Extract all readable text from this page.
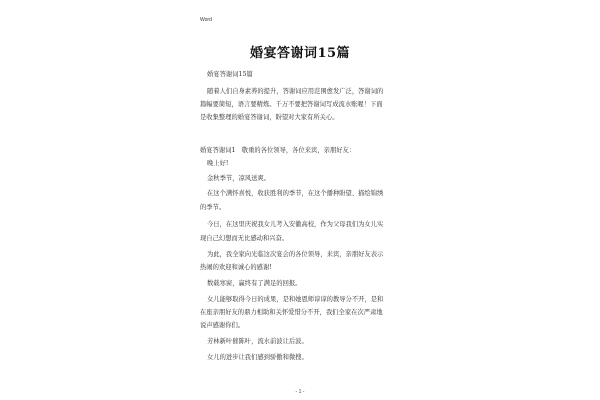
Word
婚宴答谢词15篇
婚宴答谢词15篇
随着人们自身素养的提升，答谢词应用范围愈发广泛，答谢词的
篇幅要简短，语言要精炼。千万不要把答谢词写成流水账喔！下面
是收集整理的婚宴答谢词，盼望对大家有所关心。
婚宴答谢词1　敬重的各位领导，各位来宾，亲朋好友：
晚上好!
金秋季节，凉风送爽。
在这个满怀喜悦，收获胜利的季节，在这个播种盼望、描绘锦绣
的季节。
今日，在这里庆祝我女儿考入安徽高校，作为父母我们为女儿实
现自己幻想而无比感动和兴奋。
为此，我全家向光临这次宴会的各位领导，来宾，亲朋好友表示
热闹的欢迎和诚心的感谢!
数载寒窗，赢终有了满足的回报。
女儿能够取得今日的成果，是和她恩师谆谆的教导分不开，是和
在座亲朋好友的鼎力相助和关怀爱惜分不开，我们全家在次严肃地
说声感谢你们。
芳林新叶催陈叶，流水前波让后波。
女儿的进步让我们感到骄傲和微搜。
- 1 -
